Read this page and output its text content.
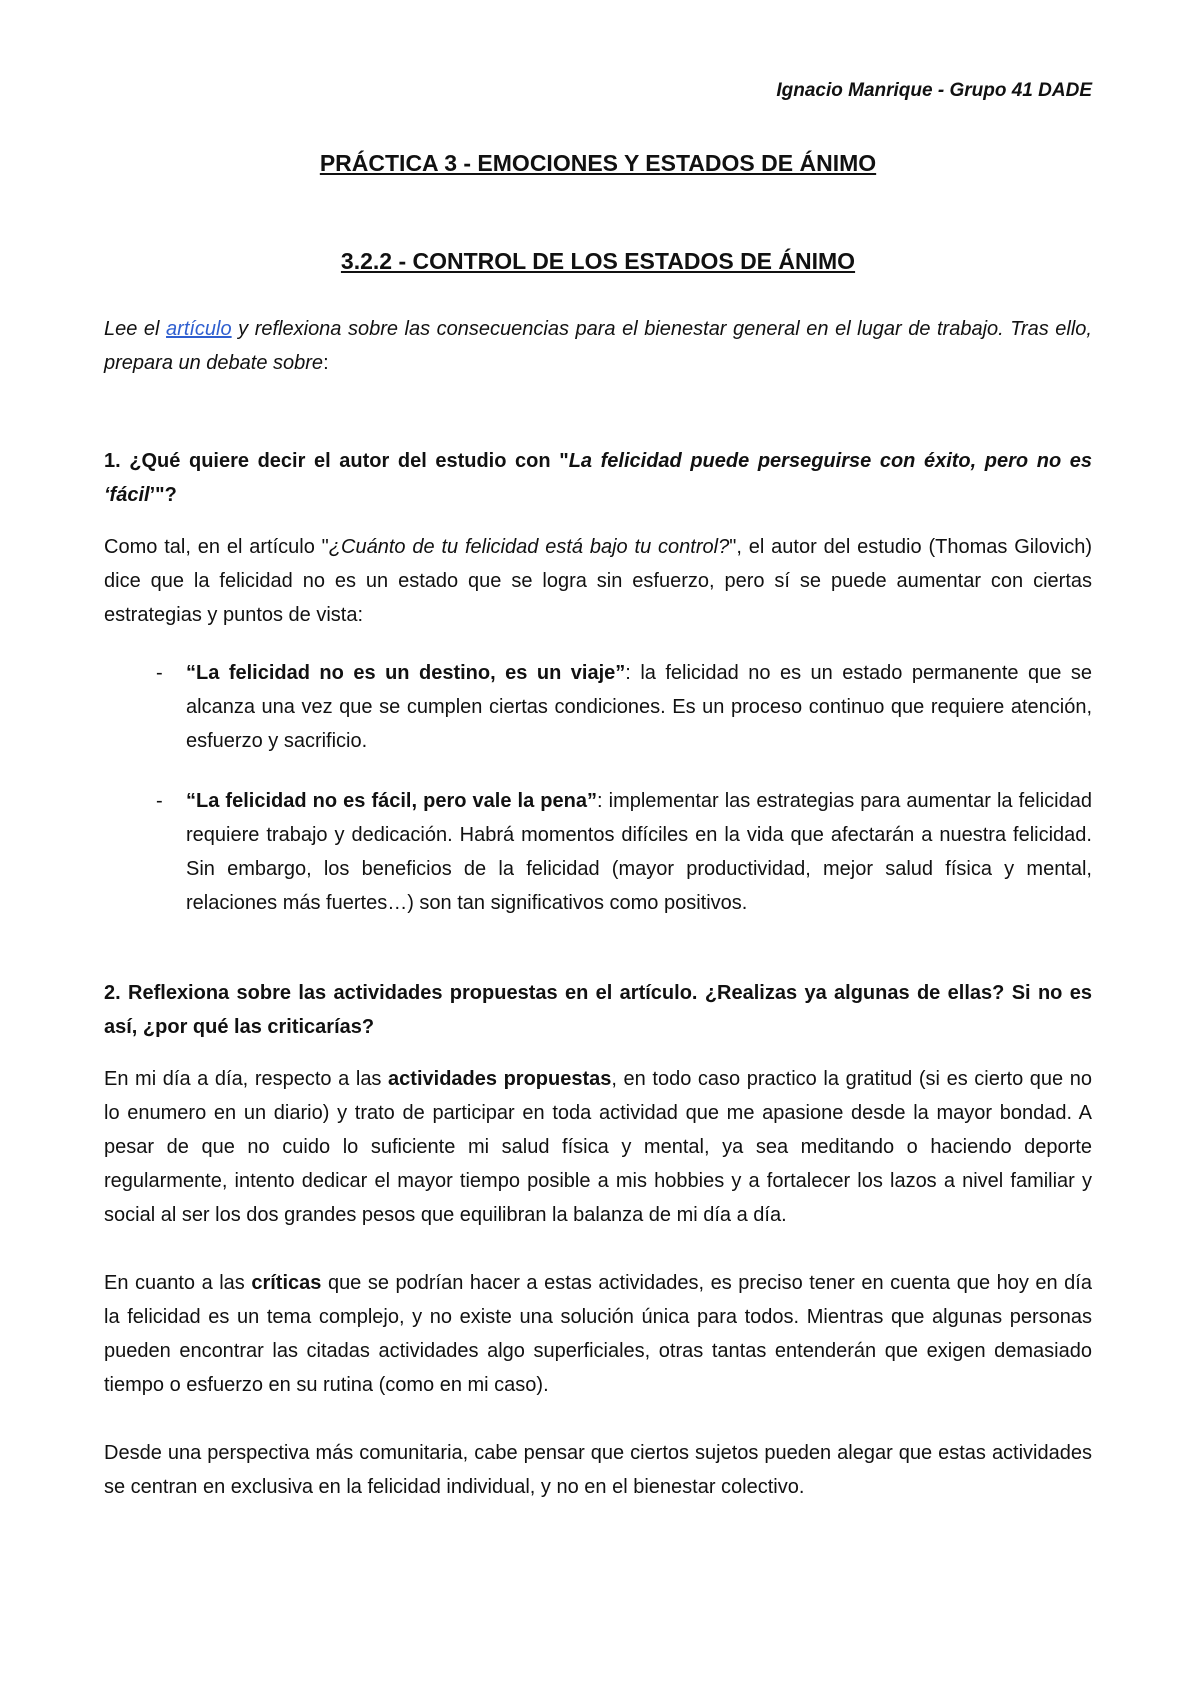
Ignacio Manrique - Grupo 41 DADE
PRÁCTICA 3 - EMOCIONES Y ESTADOS DE ÁNIMO
3.2.2 - CONTROL DE LOS ESTADOS DE ÁNIMO

Lee el artículo y reflexiona sobre las consecuencias para el bienestar general en el lugar de trabajo. Tras ello, prepara un debate sobre:

1. ¿Qué quiere decir el autor del estudio con "La felicidad puede perseguirse con éxito, pero no es ‘fácil’"?

Como tal, en el artículo "¿Cuánto de tu felicidad está bajo tu control?", el autor del estudio (Thomas Gilovich) dice que la felicidad no es un estado que se logra sin esfuerzo, pero sí se puede aumentar con ciertas estrategias y puntos de vista:

- “La felicidad no es un destino, es un viaje”: la felicidad no es un estado permanente que se alcanza una vez que se cumplen ciertas condiciones. Es un proceso continuo que requiere atención, esfuerzo y sacrificio.
- “La felicidad no es fácil, pero vale la pena”: implementar las estrategias para aumentar la felicidad requiere trabajo y dedicación. Habrá momentos difíciles en la vida que afectarán a nuestra felicidad. Sin embargo, los beneficios de la felicidad (mayor productividad, mejor salud física y mental, relaciones más fuertes…) son tan significativos como positivos.

2. Reflexiona sobre las actividades propuestas en el artículo. ¿Realizas ya algunas de ellas? Si no es así, ¿por qué las criticarías?

En mi día a día, respecto a las actividades propuestas, en todo caso practico la gratitud (si es cierto que no lo enumero en un diario) y trato de participar en toda actividad que me apasione desde la mayor bondad. A pesar de que no cuido lo suficiente mi salud física y mental, ya sea meditando o haciendo deporte regularmente, intento dedicar el mayor tiempo posible a mis hobbies y a fortalecer los lazos a nivel familiar y social al ser los dos grandes pesos que equilibran la balanza de mi día a día.

En cuanto a las críticas que se podrían hacer a estas actividades, es preciso tener en cuenta que hoy en día la felicidad es un tema complejo, y no existe una solución única para todos. Mientras que algunas personas pueden encontrar las citadas actividades algo superficiales, otras tantas entenderán que exigen demasiado tiempo o esfuerzo en su rutina (como en mi caso).

Desde una perspectiva más comunitaria, cabe pensar que ciertos sujetos pueden alegar que estas actividades se centran en exclusiva en la felicidad individual, y no en el bienestar colectivo.
